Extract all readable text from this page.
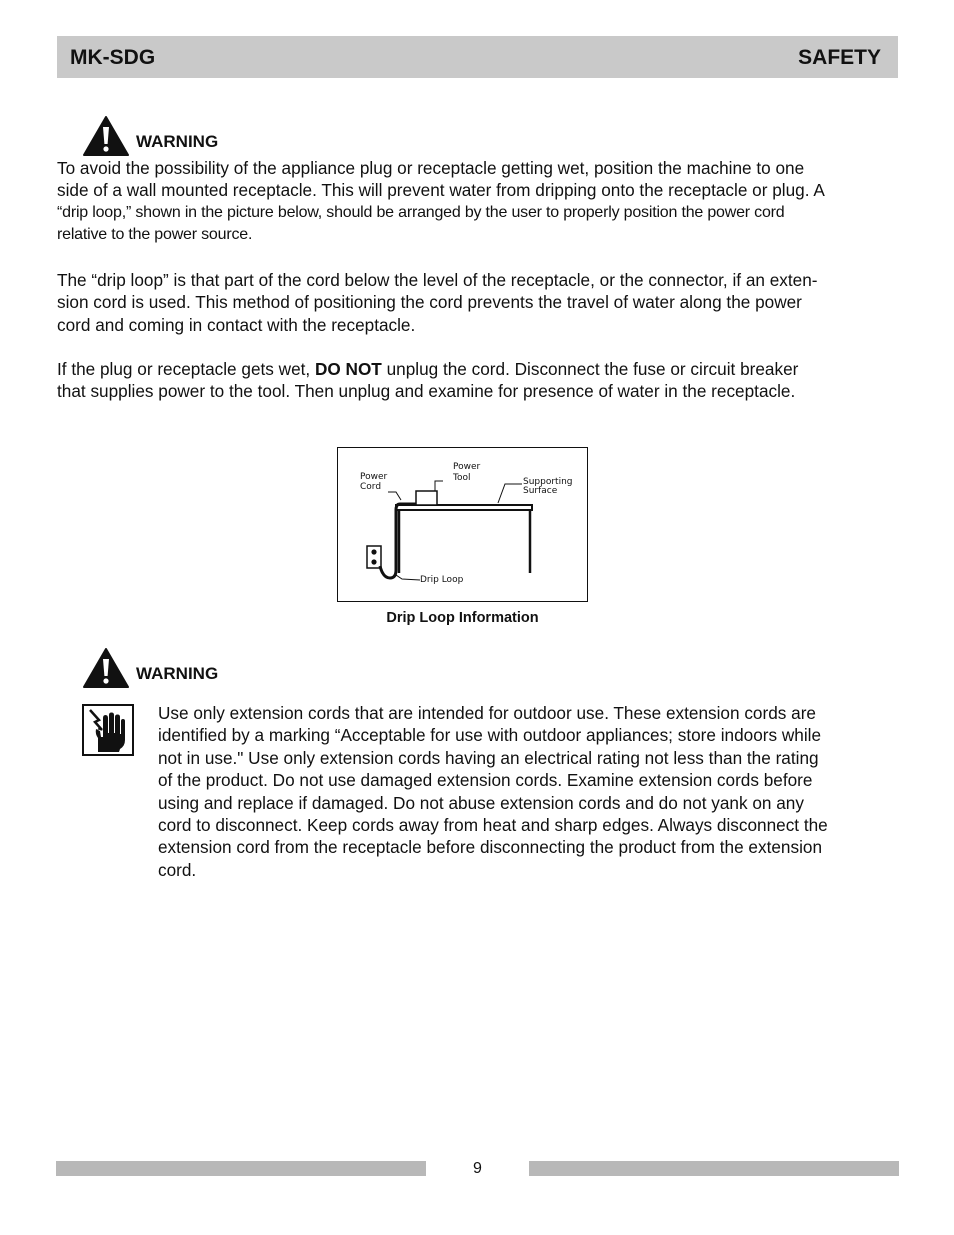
MK-SDG	SAFETY
WARNING
To avoid the possibility of the appliance plug or receptacle getting wet, position the machine to one
side of a wall mounted receptacle. This will prevent water from dripping onto the receptacle or plug. A
“drip loop,” shown in the picture below, should be arranged by the user to properly position the power cord
relative to the power source.
The “drip loop” is that part of the cord below the level of the receptacle, or the connector, if an exten-
sion cord is used. This method of positioning the cord prevents the travel of water along the power
cord and coming in contact with the receptacle.
If the plug or receptacle gets wet, DO NOT unplug the cord. Disconnect the fuse or circuit breaker
that supplies power to the tool. Then unplug and examine for presence of water in the receptacle.
Power
Cord
Power
Tool	Supporting
Surface
Drip Loop
Drip Loop Information
WARNING
Use only extension cords that are intended for outdoor use. These extension cords are
identified by a marking “Acceptable for use with outdoor appliances; store indoors while
not in use." Use only extension cords having an electrical rating not less than the rating
of the product. Do not use damaged extension cords. Examine extension cords before
using and replace if damaged. Do not abuse extension cords and do not yank on any
cord to disconnect. Keep cords away from heat and sharp edges. Always disconnect the
extension cord from the receptacle before disconnecting the product from the extension
cord.
9
